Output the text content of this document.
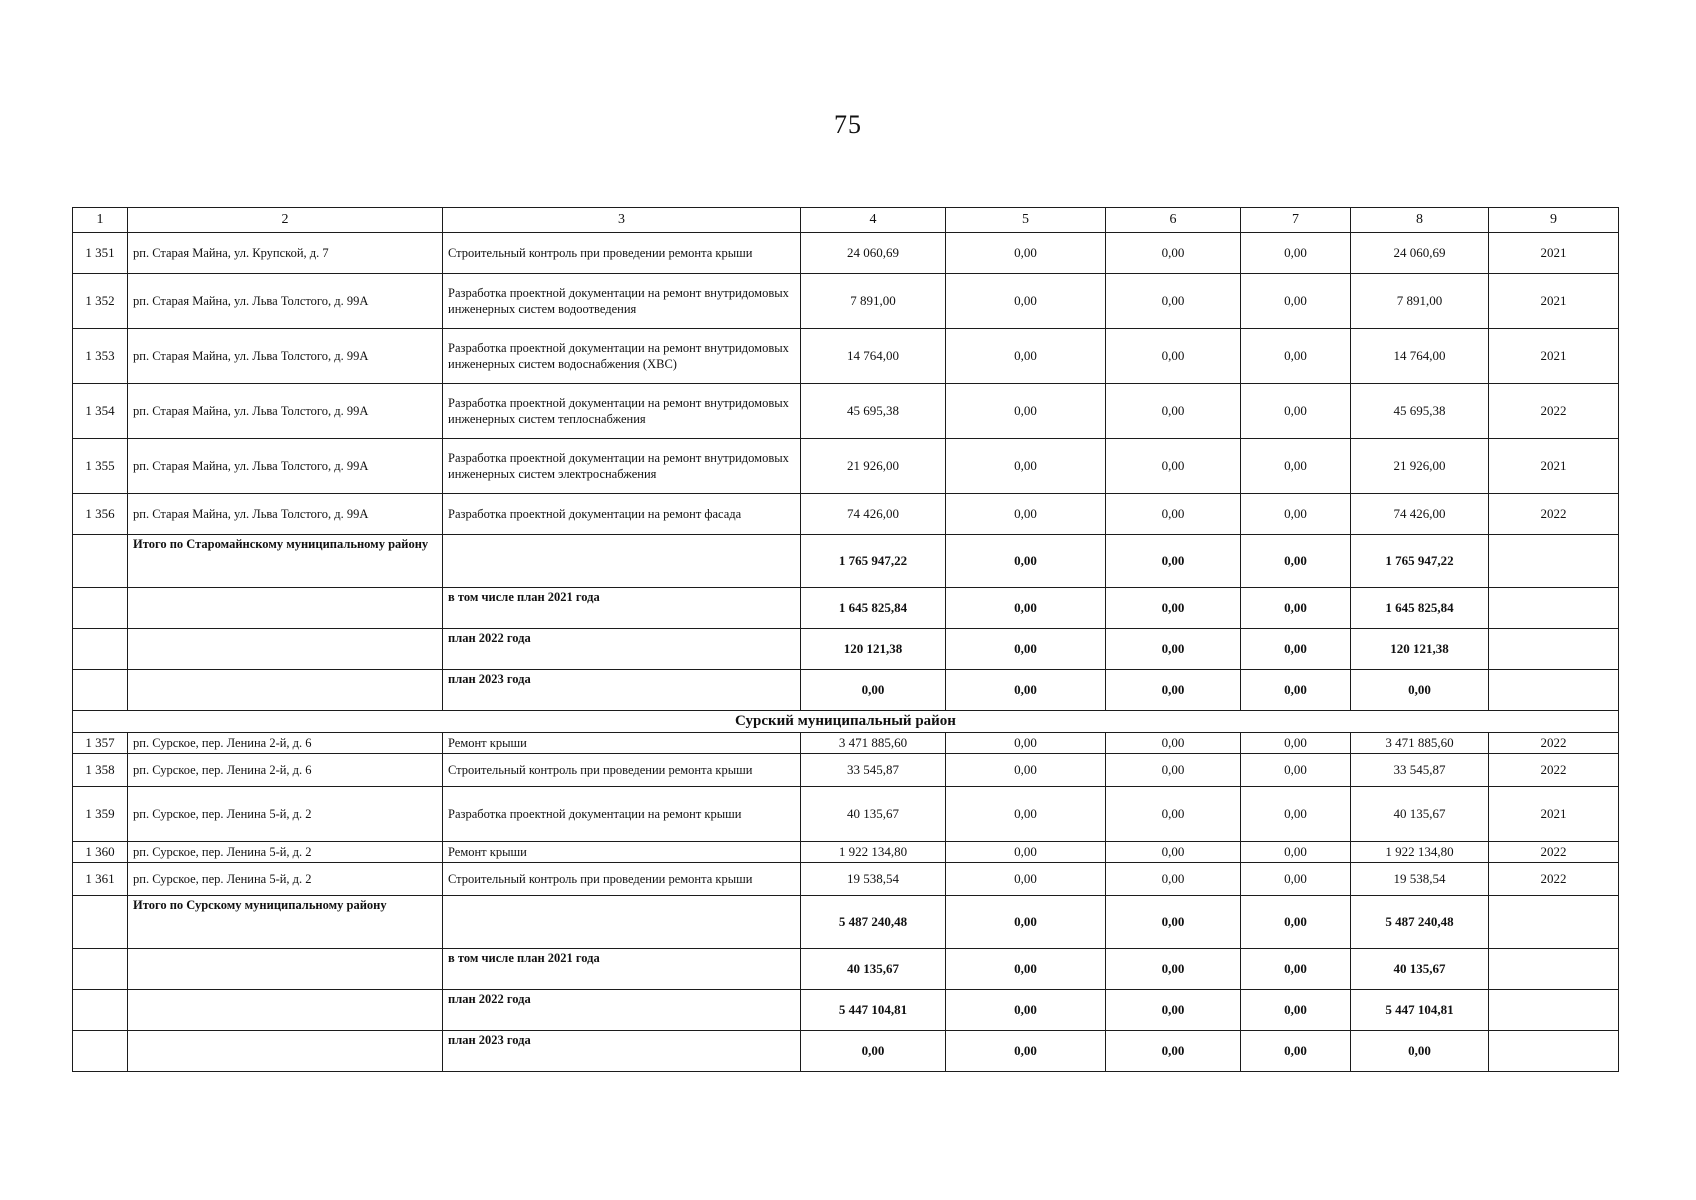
75
1	2	3	4	5	6	7	8	9
1 351	рп. Старая Майна, ул. Крупской, д. 7	Строительный контроль при проведении ремонта крыши	24 060,69	0,00	0,00	0,00	24 060,69	2021
1 352	рп. Старая Майна, ул. Льва Толстого, д. 99А	Разработка проектной документации на ремонт внутридомовых инженерных систем водоотведения	7 891,00	0,00	0,00	0,00	7 891,00	2021
1 353	рп. Старая Майна, ул. Льва Толстого, д. 99А	Разработка проектной документации на ремонт внутридомовых инженерных систем водоснабжения (ХВС)	14 764,00	0,00	0,00	0,00	14 764,00	2021
1 354	рп. Старая Майна, ул. Льва Толстого, д. 99А	Разработка проектной документации на ремонт внутридомовых инженерных систем теплоснабжения	45 695,38	0,00	0,00	0,00	45 695,38	2022
1 355	рп. Старая Майна, ул. Льва Толстого, д. 99А	Разработка проектной документации на ремонт внутридомовых инженерных систем электроснабжения	21 926,00	0,00	0,00	0,00	21 926,00	2021
1 356	рп. Старая Майна, ул. Льва Толстого, д. 99А	Разработка проектной документации на ремонт фасада	74 426,00	0,00	0,00	0,00	74 426,00	2022
	Итого по Старомайнскому муниципальному району		1 765 947,22	0,00	0,00	0,00	1 765 947,22	
		в том числе план 2021 года	1 645 825,84	0,00	0,00	0,00	1 645 825,84	
		план 2022 года	120 121,38	0,00	0,00	0,00	120 121,38	
		план 2023 года	0,00	0,00	0,00	0,00	0,00	
Сурский муниципальный район								
1 357	рп. Сурское, пер. Ленина 2-й, д. 6	Ремонт крыши	3 471 885,60	0,00	0,00	0,00	3 471 885,60	2022
1 358	рп. Сурское, пер. Ленина 2-й, д. 6	Строительный контроль при проведении ремонта крыши	33 545,87	0,00	0,00	0,00	33 545,87	2022
1 359	рп. Сурское, пер. Ленина 5-й, д. 2	Разработка проектной документации на ремонт крыши	40 135,67	0,00	0,00	0,00	40 135,67	2021
1 360	рп. Сурское, пер. Ленина 5-й, д. 2	Ремонт крыши	1 922 134,80	0,00	0,00	0,00	1 922 134,80	2022
1 361	рп. Сурское, пер. Ленина 5-й, д. 2	Строительный контроль при проведении ремонта крыши	19 538,54	0,00	0,00	0,00	19 538,54	2022
	Итого по Сурскому муниципальному району		5 487 240,48	0,00	0,00	0,00	5 487 240,48	
		в том числе план 2021 года	40 135,67	0,00	0,00	0,00	40 135,67	
		план 2022 года	5 447 104,81	0,00	0,00	0,00	5 447 104,81	
		план 2023 года	0,00	0,00	0,00	0,00	0,00	
